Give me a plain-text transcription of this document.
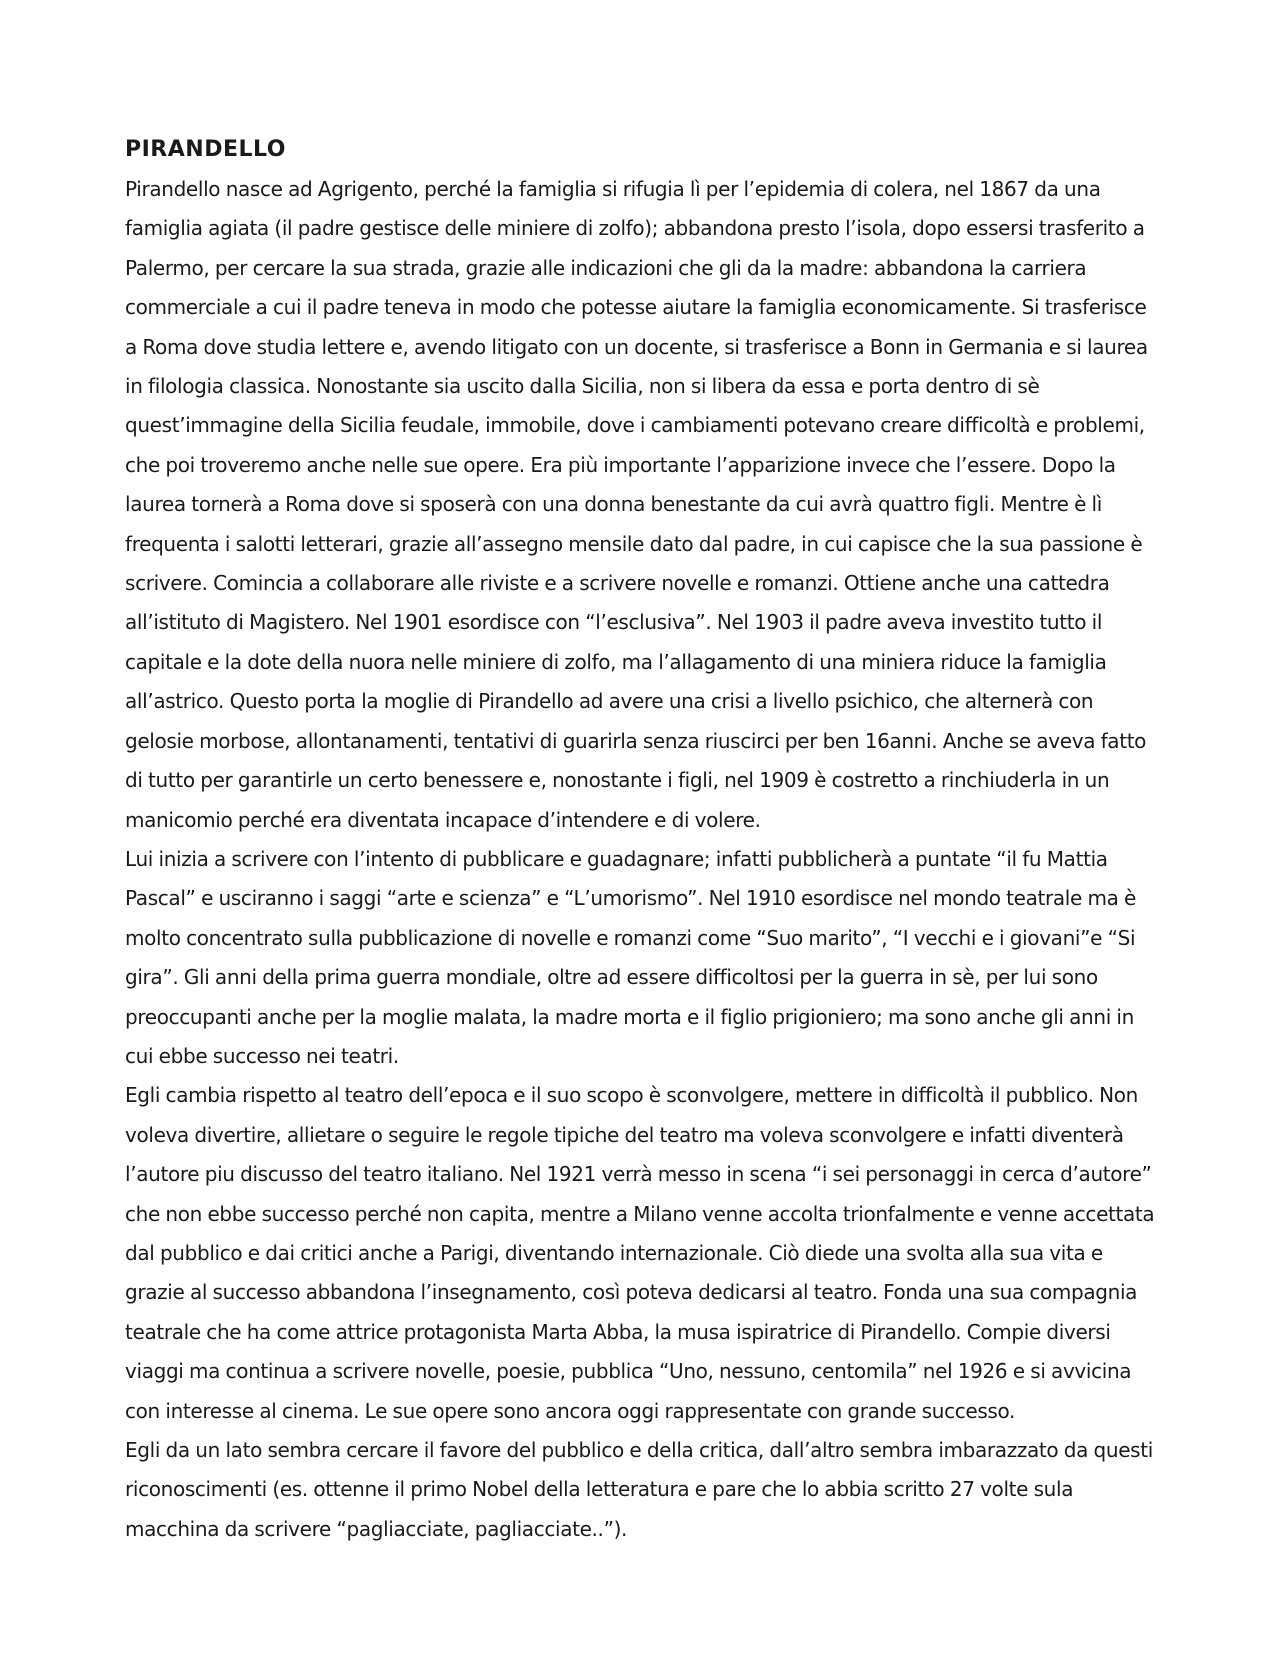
PIRANDELLO

Pirandello nasce ad Agrigento, perché la famiglia si rifugia lì per l’epidemia di colera, nel 1867 da una famiglia agiata (il padre gestisce delle miniere di zolfo); abbandona presto l’isola, dopo essersi trasferito a Palermo, per cercare la sua strada, grazie alle indicazioni che gli da la madre: abbandona la carriera commerciale a cui il padre teneva in modo che potesse aiutare la famiglia economicamente. Si trasferisce a Roma dove studia lettere e, avendo litigato con un docente, si trasferisce a Bonn in Germania e si laurea in filologia classica. Nonostante sia uscito dalla Sicilia, non si libera da essa e porta dentro di sè quest’immagine della Sicilia feudale, immobile, dove i cambiamenti potevano creare difficoltà e problemi, che poi troveremo anche nelle sue opere. Era più importante l’apparizione invece che l’essere. Dopo la laurea tornerà a Roma dove si sposerà con una donna benestante da cui avrà quattro figli. Mentre è lì frequenta i salotti letterari, grazie all’assegno mensile dato dal padre, in cui capisce che la sua passione è scrivere. Comincia a collaborare alle riviste e a scrivere novelle e romanzi. Ottiene anche una cattedra all’istituto di Magistero. Nel 1901 esordisce con “l’esclusiva”. Nel 1903 il padre aveva investito tutto il capitale e la dote della nuora nelle miniere di zolfo, ma l’allagamento di una miniera riduce la famiglia all’astrico. Questo porta la moglie di Pirandello ad avere una crisi a livello psichico, che alternerà con gelosie morbose, allontanamenti, tentativi di guarirla senza riuscirci per ben 16anni. Anche se aveva fatto di tutto per garantirle un certo benessere e, nonostante i figli, nel 1909 è costretto a rinchiuderla in un manicomio perché era diventata incapace d’intendere e di volere.

Lui inizia a scrivere con l’intento di pubblicare e guadagnare; infatti pubblicherà a puntate “il fu Mattia Pascal” e usciranno i saggi “arte e scienza” e “L’umorismo”. Nel 1910 esordisce nel mondo teatrale ma è molto concentrato sulla pubblicazione di novelle e romanzi come “Suo marito”, “I vecchi e i giovani”e “Si gira”. Gli anni della prima guerra mondiale, oltre ad essere difficoltosi per la guerra in sè, per lui sono preoccupanti anche per la moglie malata, la madre morta e il figlio prigioniero; ma sono anche gli anni in cui ebbe successo nei teatri.

Egli cambia rispetto al teatro dell’epoca e il suo scopo è sconvolgere, mettere in difficoltà il pubblico. Non voleva divertire, allietare o seguire le regole tipiche del teatro ma voleva sconvolgere e infatti diventerà l’autore piu discusso del teatro italiano. Nel 1921 verrà messo in scena “i sei personaggi in cerca d’autore” che non ebbe successo perché non capita, mentre a Milano venne accolta trionfalmente e venne accettata dal pubblico e dai critici anche a Parigi, diventando internazionale. Ciò diede una svolta alla sua vita e grazie al successo abbandona l’insegnamento, così poteva dedicarsi al teatro. Fonda una sua compagnia teatrale che ha come attrice protagonista Marta Abba, la musa ispiratrice di Pirandello. Compie diversi viaggi ma continua a scrivere novelle, poesie, pubblica “Uno, nessuno, centomila” nel 1926 e si avvicina con interesse al cinema. Le sue opere sono ancora oggi rappresentate con grande successo.

Egli da un lato sembra cercare il favore del pubblico e della critica, dall’altro sembra imbarazzato da questi riconoscimenti (es. ottenne il primo Nobel della letteratura e pare che lo abbia scritto 27 volte sula macchina da scrivere “pagliacciate, pagliacciate..”).
